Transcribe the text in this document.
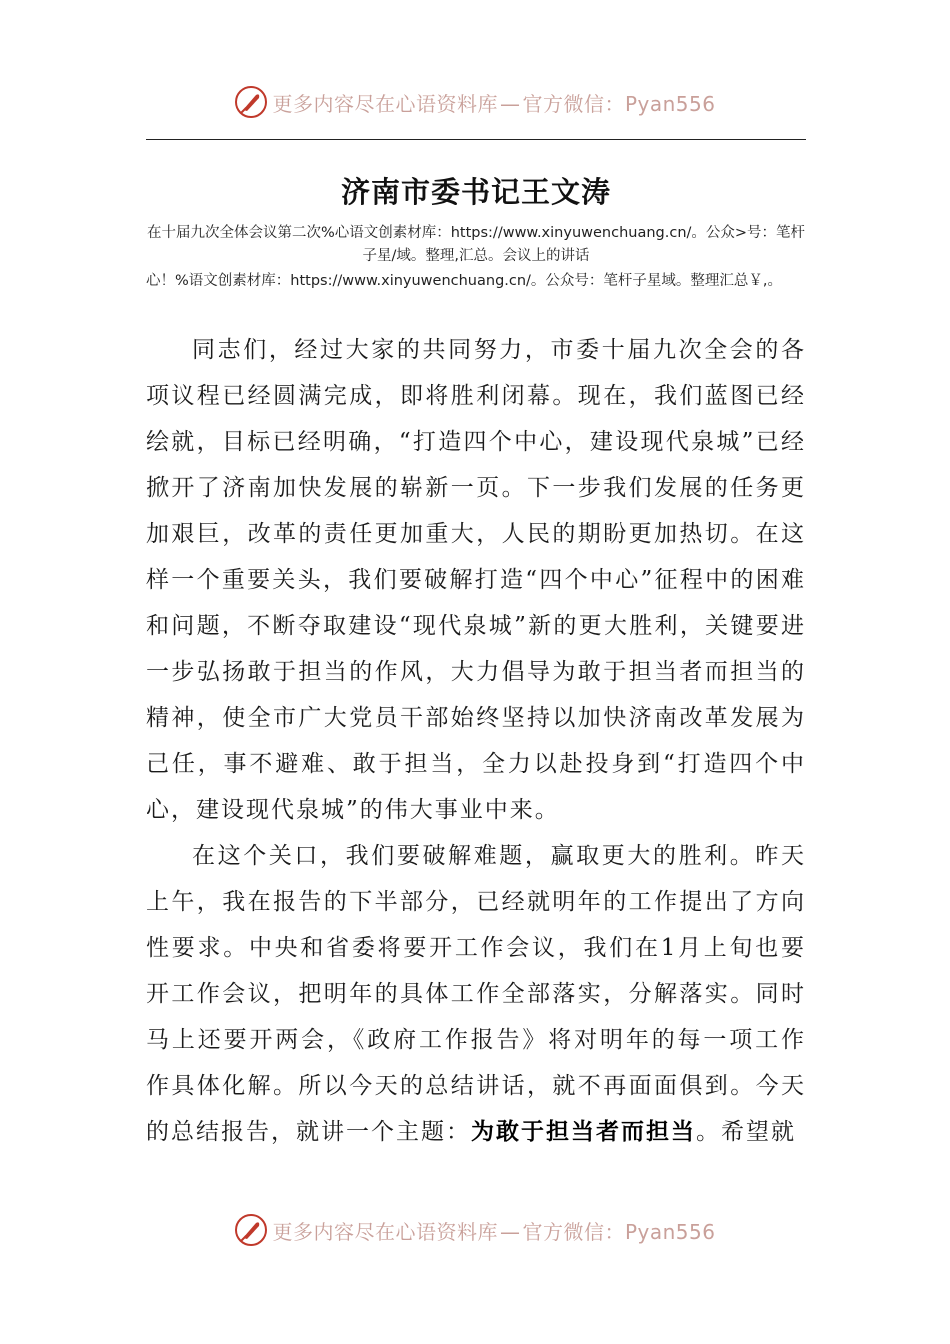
更多内容尽在心语资料库 — 官方微信：Pyan556
济南市委书记王文涛
在十届九次全体会议第二次%心语文创素材库：https://www.xinyuwenchuang.cn/。公众>号：笔杆子星/域。整理,汇总。会议上的讲话
心！%语文创素材库：https://www.xinyuwenchuang.cn/。公众号：笔杆子星域。整理汇总￥,。

同志们，经过大家的共同努力，市委十届九次全会的各项议程已经圆满完成，即将胜利闭幕。现在，我们蓝图已经绘就，目标已经明确，“打造四个中心，建设现代泉城”已经掀开了济南加快发展的崭新一页。下一步我们发展的任务更加艰巨，改革的责任更加重大，人民的期盼更加热切。在这样一个重要关头，我们要破解打造“四个中心”征程中的困难和问题，不断夺取建设“现代泉城”新的更大胜利，关键要进一步弘扬敢于担当的作风，大力倡导为敢于担当者而担当的精神，使全市广大党员干部始终坚持以加快济南改革发展为己任，事不避难、敢于担当，全力以赴投身到“打造四个中心，建设现代泉城”的伟大事业中来。

在这个关口，我们要破解难题，赢取更大的胜利。昨天上午，我在报告的下半部分，已经就明年的工作提出了方向性要求。中央和省委将要开工作会议，我们在1月上旬也要开工作会议，把明年的具体工作全部落实，分解落实。同时马上还要开两会，《政府工作报告》将对明年的每一项工作作具体化解。所以今天的总结讲话，就不再面面俱到。今天的总结报告，就讲一个主题：为敢于担当者而担当。希望就

更多内容尽在心语资料库 — 官方微信：Pyan556
